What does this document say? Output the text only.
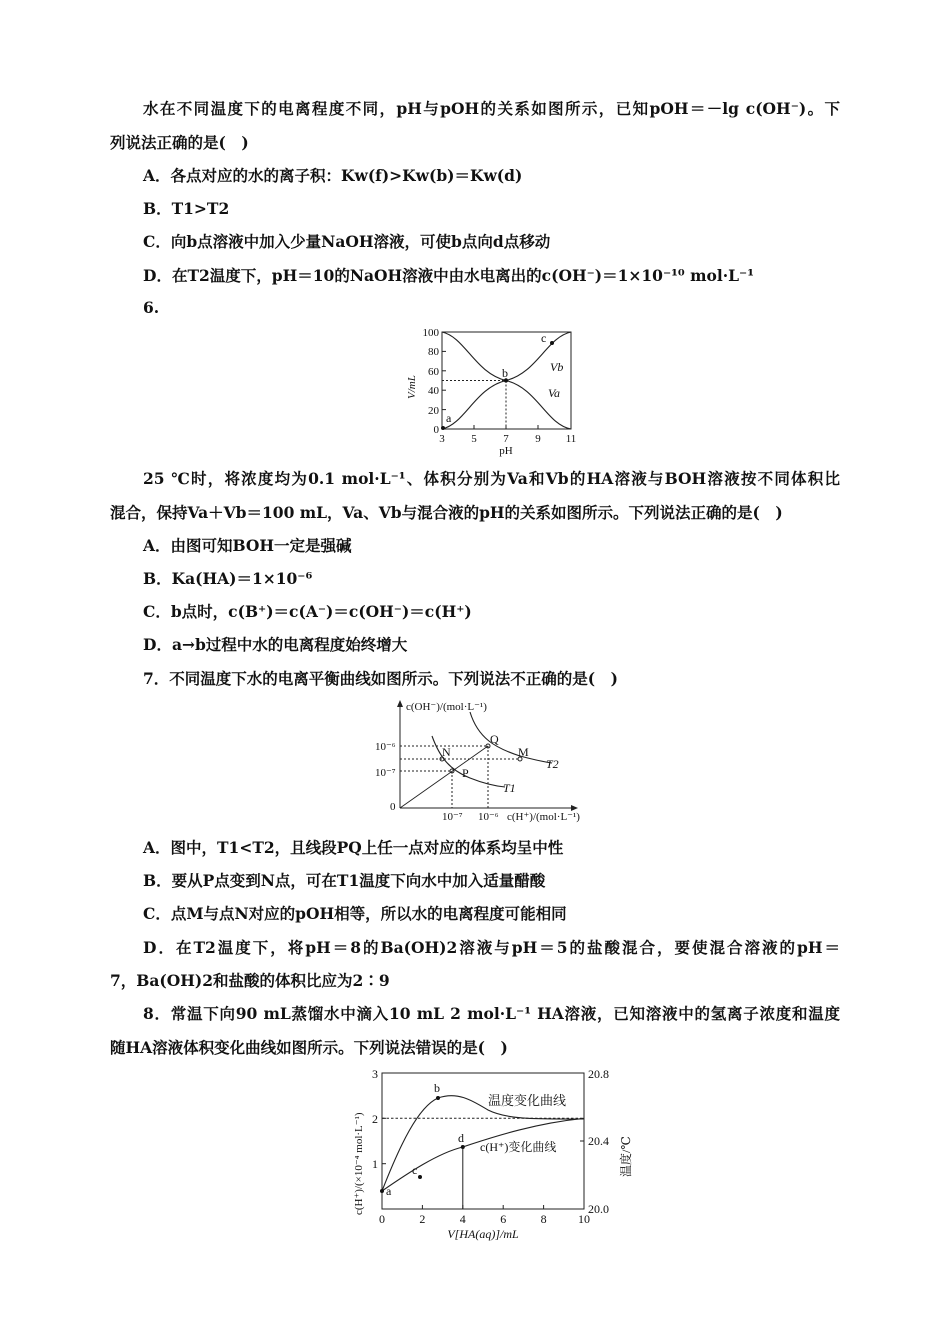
水在不同温度下的电离程度不同，pH与pOH的关系如图所示，已知pOH＝－lg c(OH⁻)。下
列说法正确的是(　)
A．各点对应的水的离子积：Kw(f)>Kw(b)＝Kw(d)
B．T1>T2
C．向b点溶液中加入少量NaOH溶液，可使b点向d点移动
D．在T2温度下，pH＝10的NaOH溶液中由水电离出的c(OH⁻)＝1×10⁻¹⁰ mol·L⁻¹
6.
100
80
60
40
20
0
3 5 7 9 11
pH
V/mL
a
b
c
Vb
Va
25 ℃时，将浓度均为0.1 mol·L⁻¹、体积分别为Va和Vb的HA溶液与BOH溶液按不同体积比
混合，保持Va＋Vb＝100 mL，Va、Vb与混合液的pH的关系如图所示。下列说法正确的是(　)
A．由图可知BOH一定是强碱
B．Ka(HA)＝1×10⁻⁶
C．b点时，c(B⁺)＝c(A⁻)＝c(OH⁻)＝c(H⁺)
D．a→b过程中水的电离程度始终增大
7．不同温度下水的电离平衡曲线如图所示。下列说法不正确的是(　)
c(OH⁻)/(mol·L⁻¹)
c(H⁺)/(mol·L⁻¹)
10⁻⁶
10⁻⁷
0
10⁻⁷ 10⁻⁶
N
P
Q
M
T1
T2
A．图中，T1<T2，且线段PQ上任一点对应的体系均呈中性
B．要从P点变到N点，可在T1温度下向水中加入适量醋酸
C．点M与点N对应的pOH相等，所以水的电离程度可能相同
D．在T2温度下，将pH＝8的Ba(OH)2溶液与pH＝5的盐酸混合，要使混合溶液的pH＝
7，Ba(OH)2和盐酸的体积比应为2∶9
8．常温下向90 mL蒸馏水中滴入10 mL 2 mol·L⁻¹ HA溶液，已知溶液中的氢离子浓度和温度
随HA溶液体积变化曲线如图所示。下列说法错误的是(　)
3
2
1
20.8
20.4
20.0
0	2	4	6	8	10
V[HA(aq)]/mL
c(H⁺)/(×10⁻⁴ mol·L⁻¹)	温度/℃
a
b
c
d
温度变化曲线
c(H⁺)变化曲线
